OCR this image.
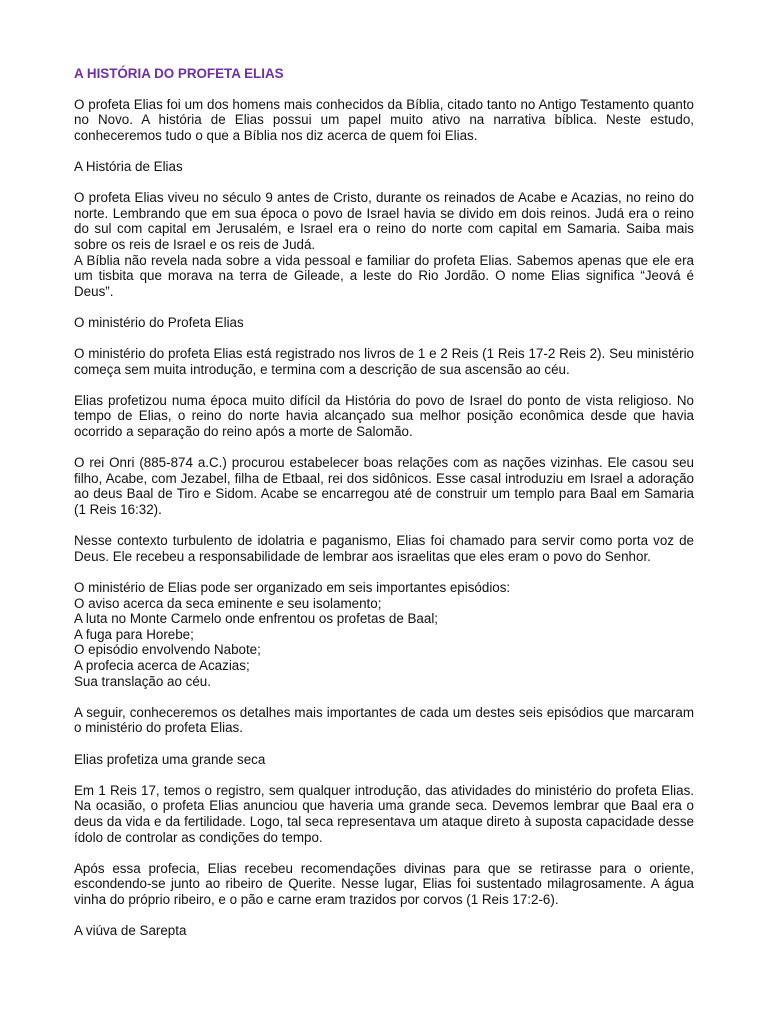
A HISTÓRIA DO PROFETA ELIAS
O profeta Elias foi um dos homens mais conhecidos da Bíblia, citado tanto no Antigo Testamento quanto no Novo. A história de Elias possui um papel muito ativo na narrativa bíblica. Neste estudo, conheceremos tudo o que a Bíblia nos diz acerca de quem foi Elias.
A História de Elias
O profeta Elias viveu no século 9 antes de Cristo, durante os reinados de Acabe e Acazias, no reino do norte. Lembrando que em sua época o povo de Israel havia se divido em dois reinos. Judá era o reino do sul com capital em Jerusalém, e Israel era o reino do norte com capital em Samaria. Saiba mais sobre os reis de Israel e os reis de Judá.
A Bíblia não revela nada sobre a vida pessoal e familiar do profeta Elias. Sabemos apenas que ele era um tisbita que morava na terra de Gileade, a leste do Rio Jordão. O nome Elias significa “Jeová é Deus”.
O ministério do Profeta Elias
O ministério do profeta Elias está registrado nos livros de 1 e 2 Reis (1 Reis 17-2 Reis 2). Seu ministério começa sem muita introdução, e termina com a descrição de sua ascensão ao céu.
Elias profetizou numa época muito difícil da História do povo de Israel do ponto de vista religioso. No tempo de Elias, o reino do norte havia alcançado sua melhor posição econômica desde que havia ocorrido a separação do reino após a morte de Salomão.
O rei Onri (885-874 a.C.) procurou estabelecer boas relações com as nações vizinhas. Ele casou seu filho, Acabe, com Jezabel, filha de Etbaal, rei dos sidônicos. Esse casal introduziu em Israel a adoração ao deus Baal de Tiro e Sidom. Acabe se encarregou até de construir um templo para Baal em Samaria (1 Reis 16:32).
Nesse contexto turbulento de idolatria e paganismo, Elias foi chamado para servir como porta voz de Deus. Ele recebeu a responsabilidade de lembrar aos israelitas que eles eram o povo do Senhor.
O ministério de Elias pode ser organizado em seis importantes episódios:
O aviso acerca da seca eminente e seu isolamento;
A luta no Monte Carmelo onde enfrentou os profetas de Baal;
A fuga para Horebe;
O episódio envolvendo Nabote;
A profecia acerca de Acazias;
Sua translação ao céu.
A seguir, conheceremos os detalhes mais importantes de cada um destes seis episódios que marcaram o ministério do profeta Elias.
Elias profetiza uma grande seca
Em 1 Reis 17, temos o registro, sem qualquer introdução, das atividades do ministério do profeta Elias. Na ocasião, o profeta Elias anunciou que haveria uma grande seca. Devemos lembrar que Baal era o deus da vida e da fertilidade. Logo, tal seca representava um ataque direto à suposta capacidade desse ídolo de controlar as condições do tempo.
Após essa profecia, Elias recebeu recomendações divinas para que se retirasse para o oriente, escondendo-se junto ao ribeiro de Querite. Nesse lugar, Elias foi sustentado milagrosamente. A água vinha do próprio ribeiro, e o pão e carne eram trazidos por corvos (1 Reis 17:2-6).
A viúva de Sarepta
